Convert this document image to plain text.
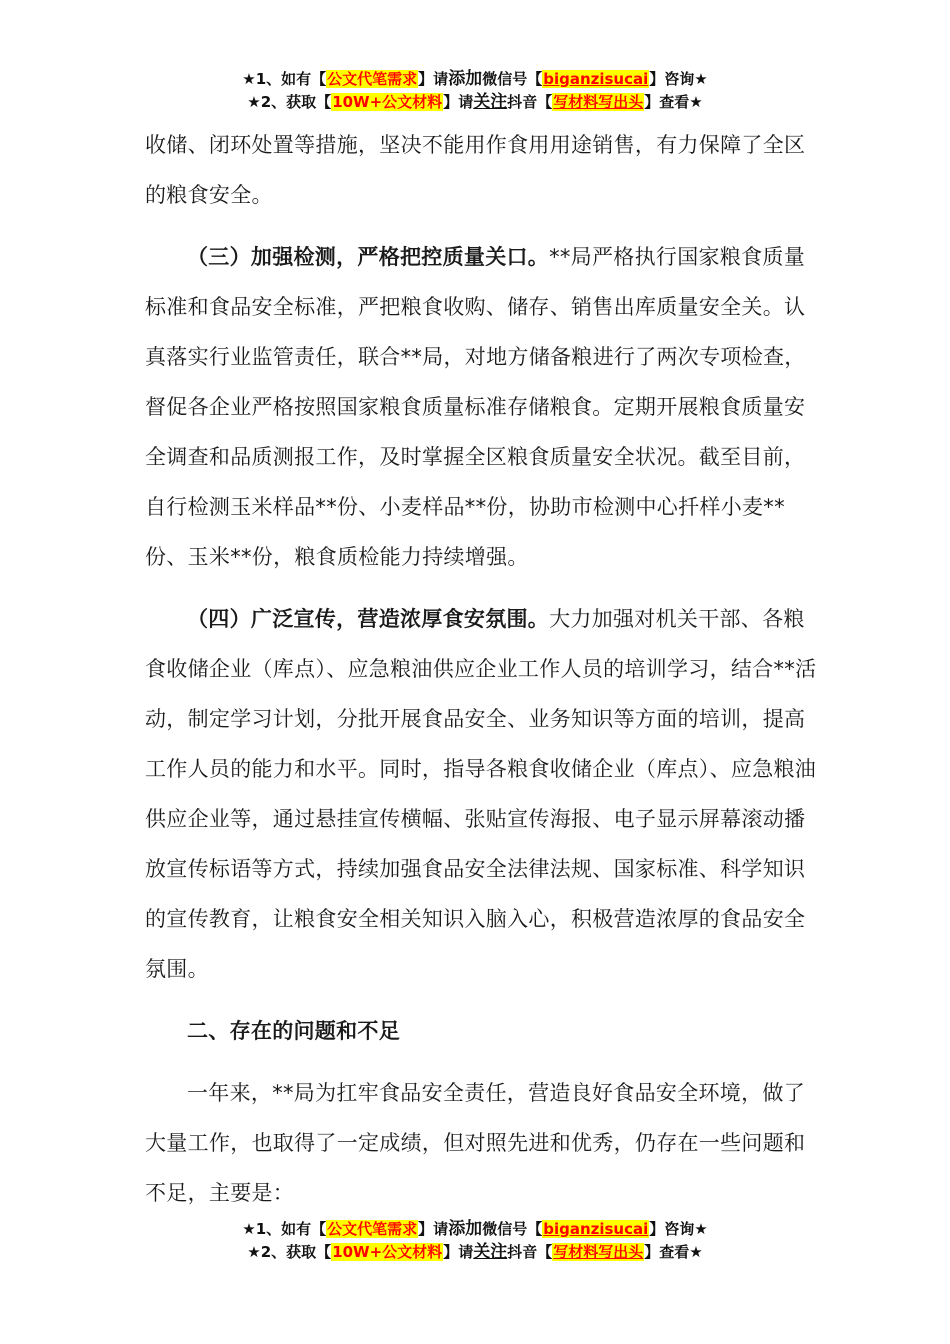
★1、如有【公文代笔需求】请添加微信号【biganzisucai】咨询★
★2、获取【10W+公文材料】请关注抖音【写材料写出头】查看★

收储、闭环处置等措施，坚决不能用作食用用途销售，有力保障了全区的粮食安全。

（三）加强检测，严格把控质量关口。**局严格执行国家粮食质量标准和食品安全标准，严把粮食收购、储存、销售出库质量安全关。认真落实行业监管责任，联合**局，对地方储备粮进行了两次专项检查，督促各企业严格按照国家粮食质量标准存储粮食。定期开展粮食质量安全调查和品质测报工作，及时掌握全区粮食质量安全状况。截至目前，自行检测玉米样品**份、小麦样品**份，协助市检测中心扦样小麦**份、玉米**份，粮食质检能力持续增强。

（四）广泛宣传，营造浓厚食安氛围。大力加强对机关干部、各粮食收储企业（库点）、应急粮油供应企业工作人员的培训学习，结合**活动，制定学习计划，分批开展食品安全、业务知识等方面的培训，提高工作人员的能力和水平。同时，指导各粮食收储企业（库点）、应急粮油供应企业等，通过悬挂宣传横幅、张贴宣传海报、电子显示屏幕滚动播放宣传标语等方式，持续加强食品安全法律法规、国家标准、科学知识的宣传教育，让粮食安全相关知识入脑入心，积极营造浓厚的食品安全氛围。

二、存在的问题和不足

一年来，**局为扛牢食品安全责任，营造良好食品安全环境，做了大量工作，也取得了一定成绩，但对照先进和优秀，仍存在一些问题和不足，主要是：

★1、如有【公文代笔需求】请添加微信号【biganzisucai】咨询★
★2、获取【10W+公文材料】请关注抖音【写材料写出头】查看★
